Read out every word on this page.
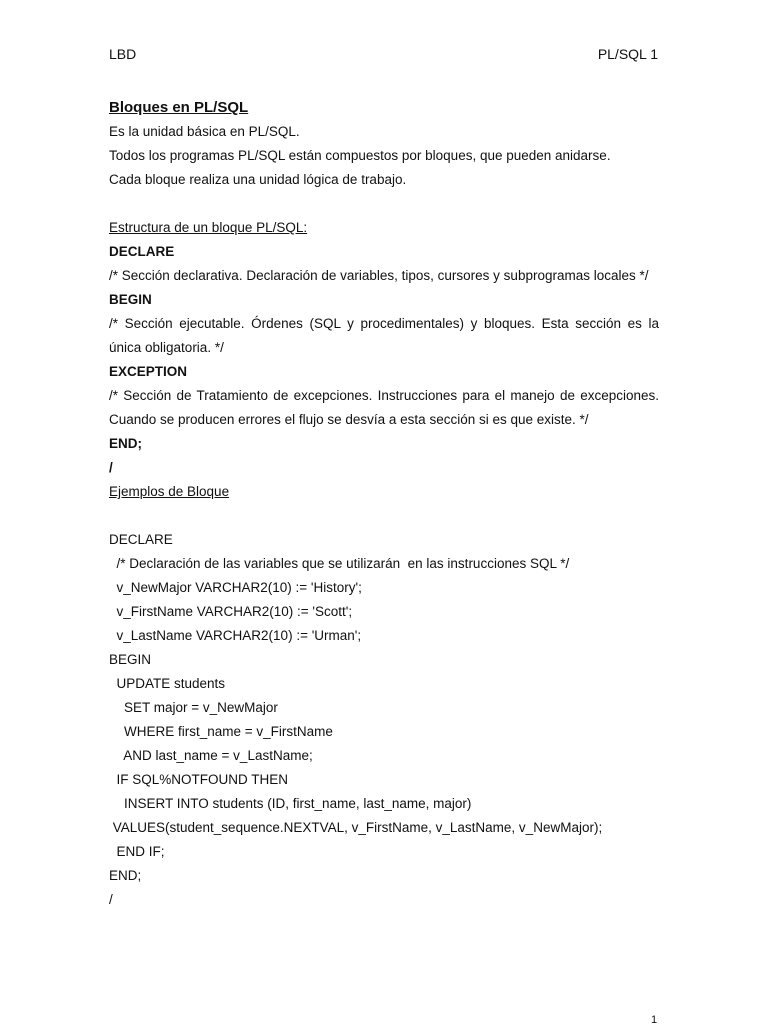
LBD	PL/SQL 1
Bloques en PL/SQL
Es la unidad básica en PL/SQL.
Todos los programas PL/SQL están compuestos por bloques, que pueden anidarse.
Cada bloque realiza una unidad lógica de trabajo.
Estructura de un bloque PL/SQL:
DECLARE
/* Sección declarativa. Declaración de variables, tipos, cursores y subprogramas locales */
BEGIN
/* Sección ejecutable. Órdenes (SQL y procedimentales) y bloques. Esta sección es la única obligatoria. */
EXCEPTION
/* Sección de Tratamiento de excepciones. Instrucciones para el manejo de excepciones. Cuando se producen errores el flujo se desvía a esta sección si es que existe. */
END;
/
Ejemplos de Bloque
DECLARE
/* Declaración de las variables que se utilizarán  en las instrucciones SQL */
v_NewMajor VARCHAR2(10) := 'History';
v_FirstName VARCHAR2(10) := 'Scott';
v_LastName VARCHAR2(10) := 'Urman';
BEGIN
UPDATE students
SET major = v_NewMajor
WHERE first_name = v_FirstName
AND last_name = v_LastName;
IF SQL%NOTFOUND THEN
INSERT INTO students (ID, first_name, last_name, major)
VALUES(student_sequence.NEXTVAL, v_FirstName, v_LastName, v_NewMajor);
END IF;
END;
/
1
